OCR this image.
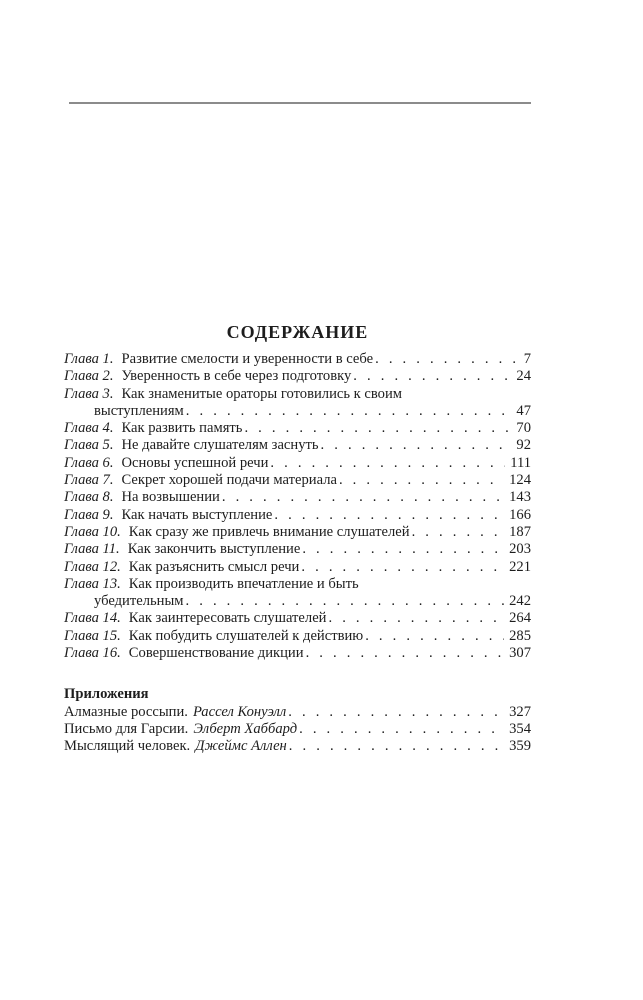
СОДЕРЖАНИЕ
Глава 1. Развитие смелости и уверенности в себе . . .	7
Глава 2. Уверенность в себе через подготовку . . .	24
Глава 3. Как знаменитые ораторы готовились к своим
выступлениям . . .	47
Глава 4. Как развить память . . .	70
Глава 5. Не давайте слушателям заснуть . . .	92
Глава 6. Основы успешной речи . . .	111
Глава 7. Секрет хорошей подачи материала . . .	124
Глава 8. На возвышении . . .	143
Глава 9. Как начать выступление . . .	166
Глава 10. Как сразу же привлечь внимание слушателей . . .	187
Глава 11. Как закончить выступление . . .	203
Глава 12. Как разъяснить смысл речи . . .	221
Глава 13. Как производить впечатление и быть
убедительным . . .	242
Глава 14. Как заинтересовать слушателей . . .	264
Глава 15. Как побудить слушателей к действию . . .	285
Глава 16. Совершенствование дикции . . .	307
Приложения
Алмазные россыпи. Рассел Конуэлл . . .	327
Письмо для Гарсии. Элберт Хаббард . . .	354
Мыслящий человек. Джеймс Аллен . . .	359
